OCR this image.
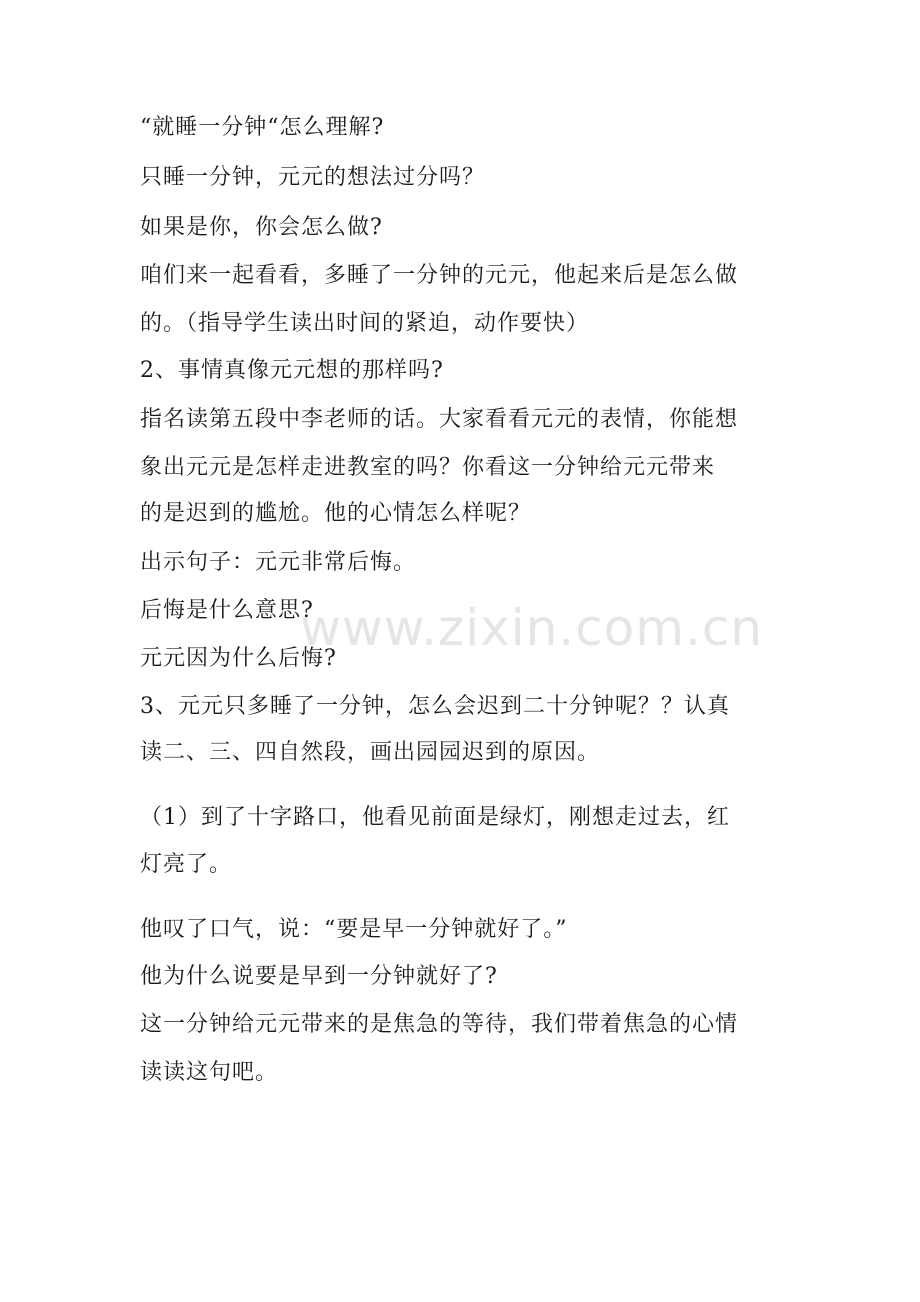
“就睡一分钟“怎么理解?
只睡一分钟，元元的想法过分吗？
如果是你，你会怎么做?
咱们来一起看看，多睡了一分钟的元元，他起来后是怎么做
的。（指导学生读出时间的紧迫，动作要快）
2、事情真像元元想的那样吗?
指名读第五段中李老师的话。大家看看元元的表情，你能想
象出元元是怎样走进教室的吗？你看这一分钟给元元带来
的是迟到的尴尬。他的心情怎么样呢？
出示句子：元元非常后悔。
后悔是什么意思?
元元因为什么后悔?
3、元元只多睡了一分钟，怎么会迟到二十分钟呢？？认真
读二、三、四自然段，画出园园迟到的原因。
（1）到了十字路口，他看见前面是绿灯，刚想走过去，红
灯亮了。
他叹了口气，说：“要是早一分钟就好了。”
他为什么说要是早到一分钟就好了?
这一分钟给元元带来的是焦急的等待，我们带着焦急的心情
读读这句吧。
www.zixin.com.cn
